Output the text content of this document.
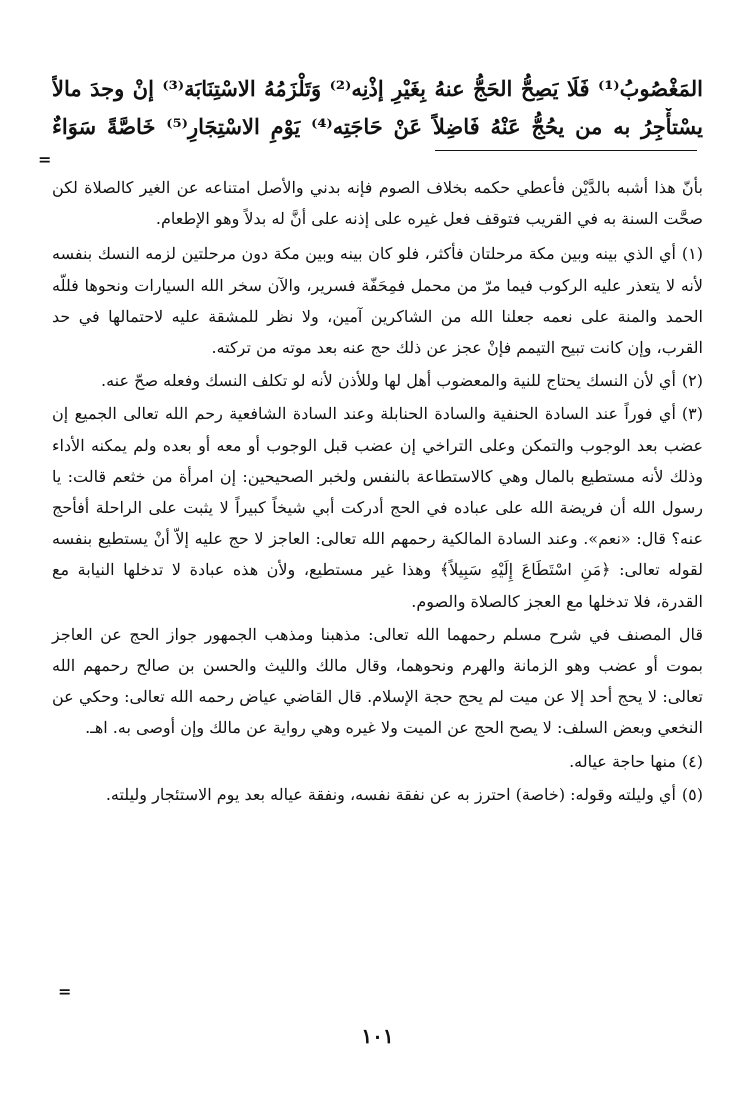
المَغْصُوبُ⁽¹⁾ فَلَا يَصِحُّ الحَجُّ عنهُ بِغَيْرِ إذْنِه⁽²⁾ وَتَلْزَمُهُ الاسْتِنَابَة⁽³⁾ إنْ وجدَ مالاً
يسْتأْجِرُ به من يحُجُّ عَنْهُ فَاضِلاً عَنْ حَاجَتِه⁽⁴⁾ يَوْمِ الاسْتِجَارِ⁽⁵⁾ خَاصَّةً سَوَاءٌ
=

بأنّ هذا أشبه بالدَّيْن فأعطي حكمه بخلاف الصوم فإنه بدني والأصل امتناعه عن الغير كالصلاة لكن صحَّت السنة به في القريب فتوقف فعل غيره على إذنه على أنَّ له بدلاً وهو الإطعام.

(١)أي الذي بينه وبين مكة مرحلتان فأكثر، فلو كان بينه وبين مكة دون مرحلتين لزمه النسك بنفسه لأنه لا يتعذر عليه الركوب فيما مرّ من محمل فمِحَفّة فسرير، والآن سخر الله السيارات ونحوها فللّه الحمد والمنة على نعمه جعلنا الله من الشاكرين آمين، ولا نظر للمشقة عليه لاحتمالها في حد القرب، وإن كانت تبيح التيمم فإنْ عجز عن ذلك حج عنه بعد موته من تركته.

(٢)أي لأن النسك يحتاج للنية والمعضوب أهل لها وللأذن لأنه لو تكلف النسك وفعله صحّ عنه.

(٣)أي فوراً عند السادة الحنفية والسادة الحنابلة وعند السادة الشافعية رحم الله تعالى الجميع إن عضب بعد الوجوب والتمكن وعلى التراخي إن عضب قبل الوجوب أو معه أو بعده ولم يمكنه الأداء وذلك لأنه مستطيع بالمال وهي كالاستطاعة بالنفس ولخبر الصحيحين: إن امرأة من خثعم قالت: يا رسول الله أن فريضة الله على عباده في الحج أدركت أبي شيخاً كبيراً لا يثبت على الراحلة أفأحج عنه؟ قال: «نعم». وعند السادة المالكية رحمهم الله تعالى: العاجز لا حج عليه إلاّ أنْ يستطيع بنفسه لقوله تعالى: ﴿مَنِ اسْتَطَاعَ إِلَيْهِ سَبِيلاً﴾ وهذا غير مستطيع، ولأن هذه عبادة لا تدخلها النيابة مع القدرة، فلا تدخلها مع العجز كالصلاة والصوم.

قال المصنف في شرح مسلم رحمهما الله تعالى: مذهبنا ومذهب الجمهور جواز الحج عن العاجز بموت أو عضب وهو الزمانة والهرم ونحوهما، وقال مالك والليث والحسن بن صالح رحمهم الله تعالى: لا يحج أحد إلا عن ميت لم يحج حجة الإسلام. قال القاضي عياض رحمه الله تعالى: وحكي عن النخعي وبعض السلف: لا يصح الحج عن الميت ولا غيره وهي رواية عن مالك وإن أوصى به. اهـ.

(٤)منها حاجة عياله.

(٥)أي وليلته وقوله: (خاصة) احترز به عن نفقة نفسه، ونفقة عياله بعد يوم الاستئجار وليلته.

=
١٠١
